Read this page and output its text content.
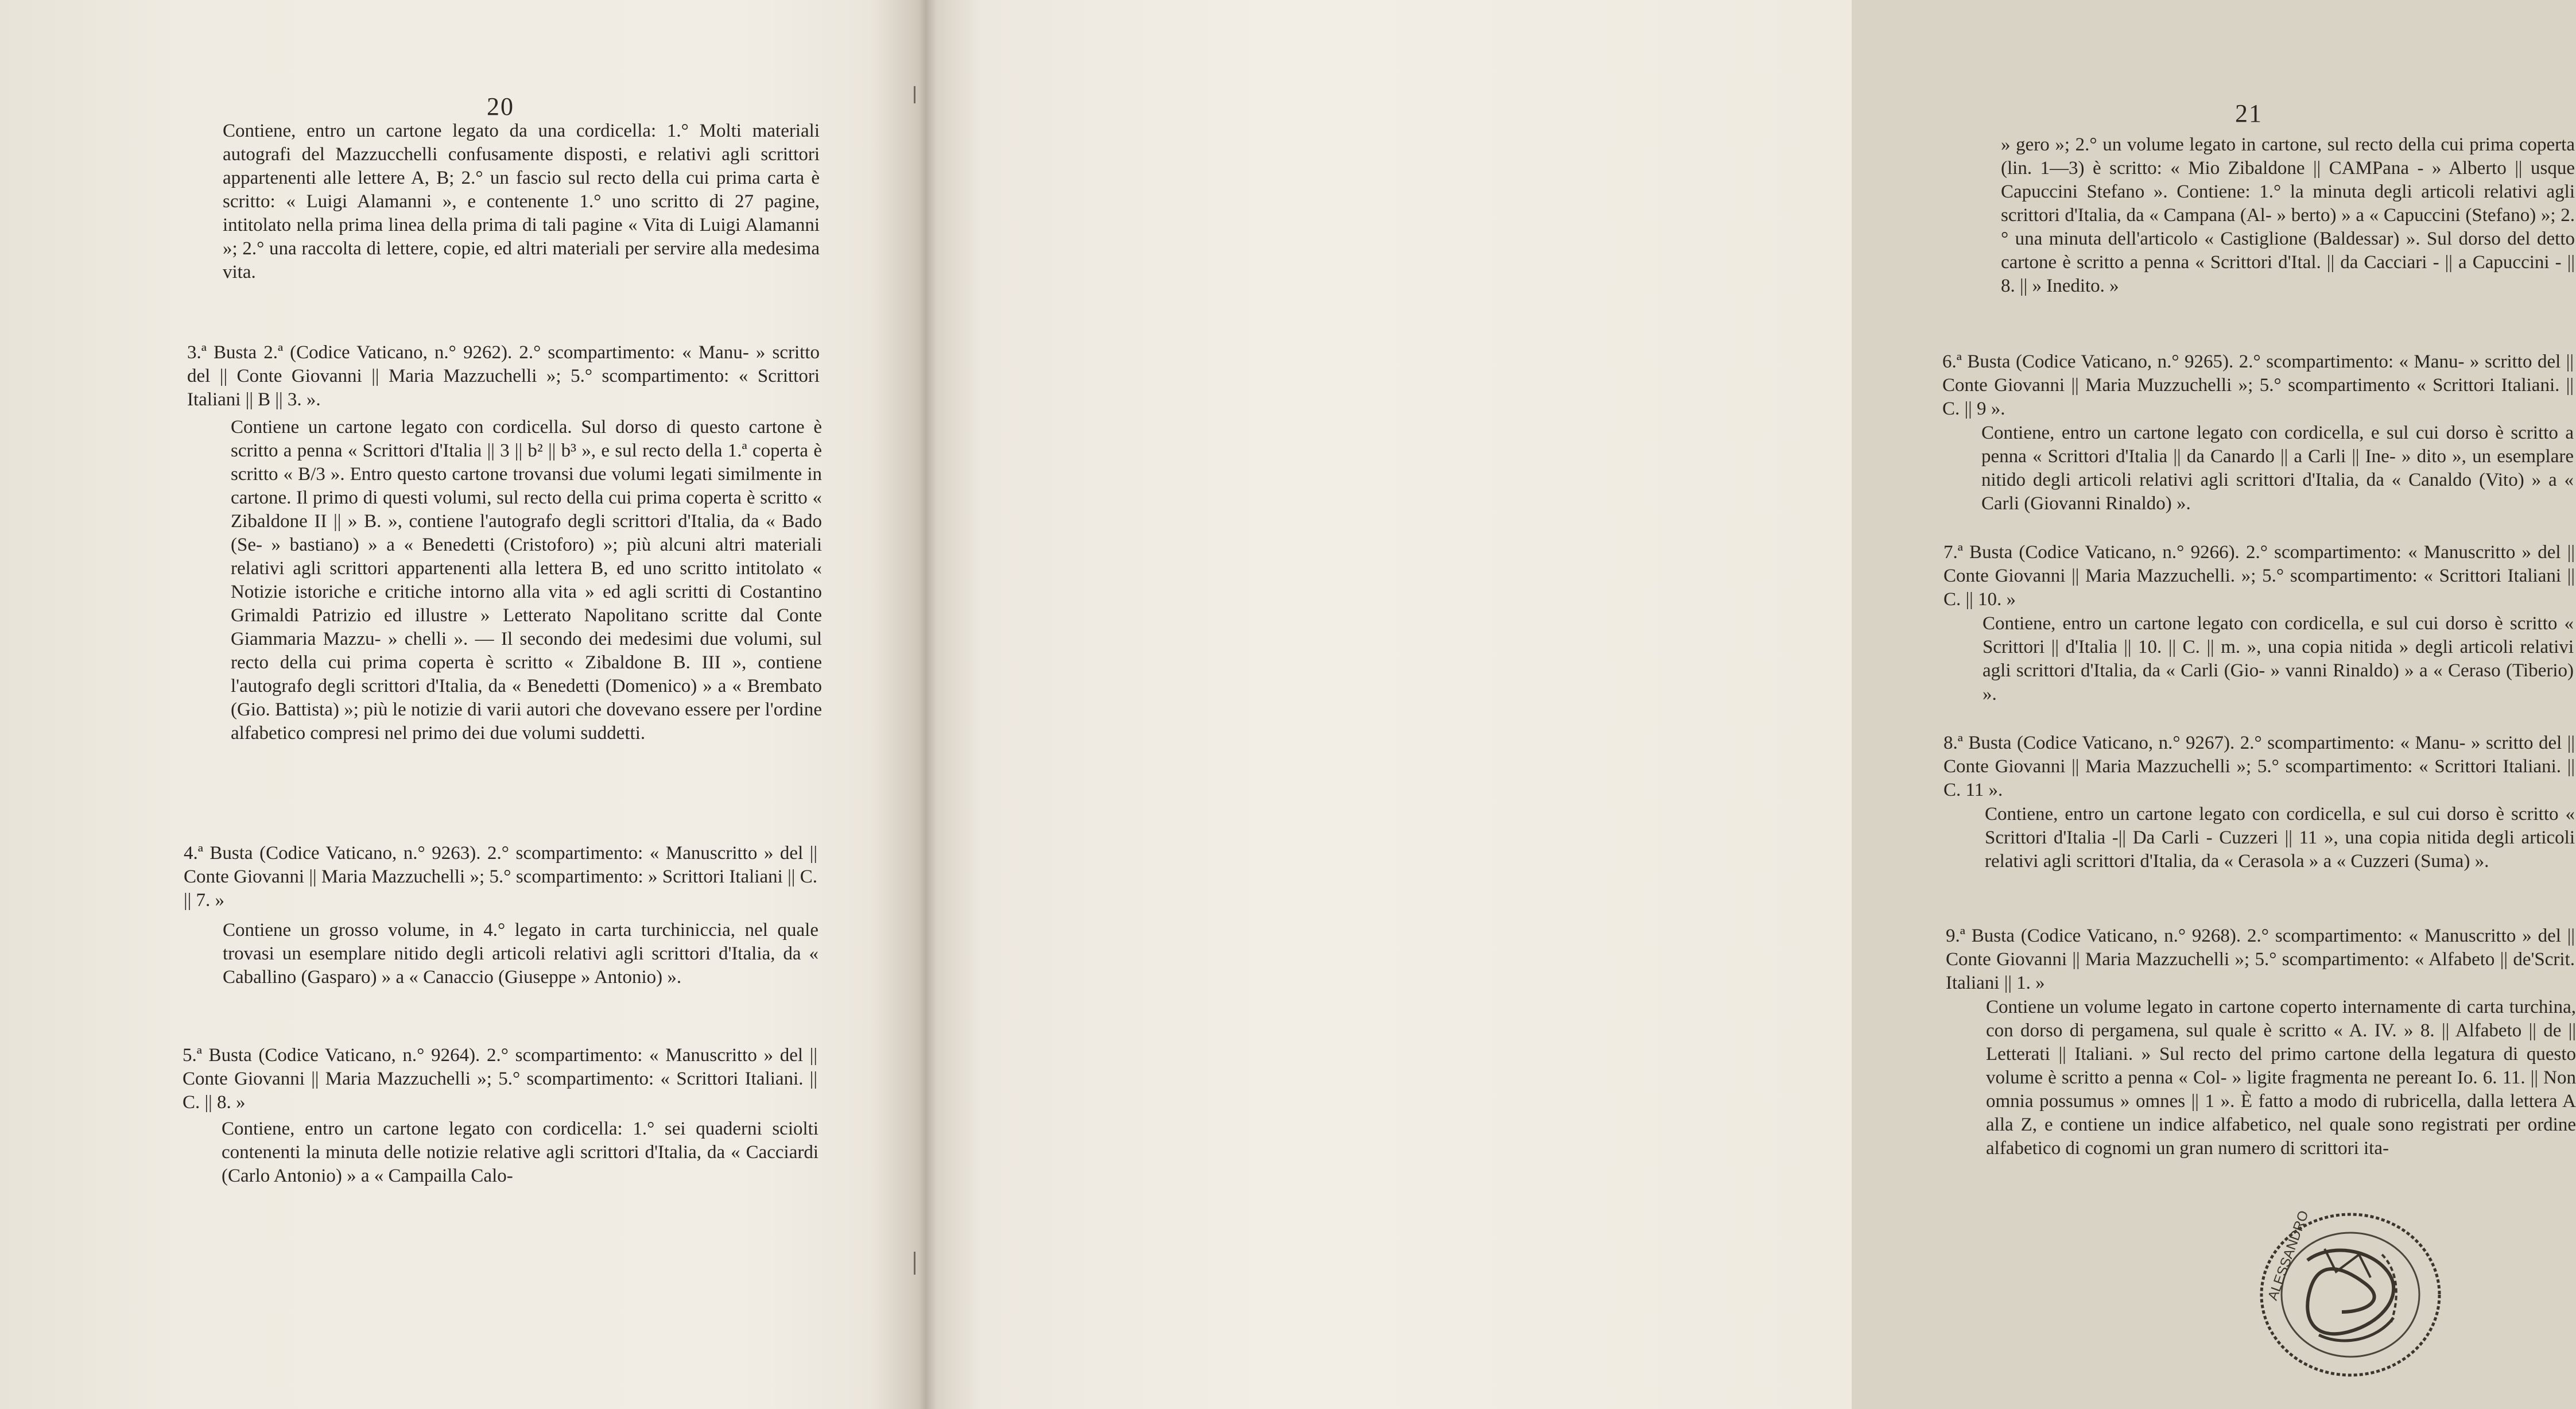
20
Contiene, entro un cartone legato da una cordicella: 1.° Molti materiali autografi del Mazzucchelli confusamente disposti, e relativi agli scrittori appartenenti alle lettere A, B; 2.° un fascio sul recto della cui prima carta è scritto: « Luigi Alamanni », e contenente 1.° uno scritto di 27 pagine, intitolato nella prima linea della prima di tali pagine « Vita di Luigi Alamanni »; 2.° una raccolta di lettere, copie, ed altri materiali per servire alla medesima vita.
3.ª Busta 2.ª (Codice Vaticano, n.° 9262). 2.° scompartimento: « Manu- » scritto del || Conte Giovanni || Maria Mazzuchelli »; 5.° scompartimento: « Scrittori Italiani || B || 3. ».
Contiene un cartone legato con cordicella. Sul dorso di questo cartone è scritto a penna « Scrittori d'Italia || 3 || b² || b³ », e sul recto della 1.ª coperta è scritto « B/3 ». Entro questo cartone trovansi due volumi legati similmente in cartone. Il primo di questi volumi, sul recto della cui prima coperta è scritto « Zibaldone II || » B. », contiene l'autografo degli scrittori d'Italia, da « Bado (Se- » bastiano) » a « Benedetti (Cristoforo) »; più alcuni altri materiali relativi agli scrittori appartenenti alla lettera B, ed uno scritto intitolato « Notizie istoriche e critiche intorno alla vita » ed agli scritti di Costantino Grimaldi Patrizio ed illustre » Letterato Napolitano scritte dal Conte Giammaria Mazzu- » chelli ». — Il secondo dei medesimi due volumi, sul recto della cui prima coperta è scritto « Zibaldone B. III », contiene l'autografo degli scrittori d'Italia, da « Benedetti (Domenico) » a « Brembato (Gio. Battista) »; più le notizie di varii autori che dovevano essere per l'ordine alfabetico compresi nel primo dei due volumi suddetti.
4.ª Busta (Codice Vaticano, n.° 9263). 2.° scompartimento: « Manuscritto » del || Conte Giovanni || Maria Mazzuchelli »; 5.° scompartimento: » Scrittori Italiani || C. || 7. »
Contiene un grosso volume, in 4.° legato in carta turchiniccia, nel quale trovasi un esemplare nitido degli articoli relativi agli scrittori d'Italia, da « Caballino (Gasparo) » a « Canaccio (Giuseppe » Antonio) ».
5.ª Busta (Codice Vaticano, n.° 9264). 2.° scompartimento: « Manuscritto » del || Conte Giovanni || Maria Mazzuchelli »; 5.° scompartimento: « Scrittori Italiani. || C. || 8. »
Contiene, entro un cartone legato con cordicella: 1.° sei quaderni sciolti contenenti la minuta delle notizie relative agli scrittori d'Italia, da « Cacciardi (Carlo Antonio) » a « Campailla Calo-
21
» gero »; 2.° un volume legato in cartone, sul recto della cui prima coperta (lin. 1—3) è scritto: « Mio Zibaldone || CAMPana - » Alberto || usque Capuccini Stefano ». Contiene: 1.° la minuta degli articoli relativi agli scrittori d'Italia, da « Campana (Al- » berto) » a « Capuccini (Stefano) »; 2.° una minuta dell'articolo « Castiglione (Baldessar) ». Sul dorso del detto cartone è scritto a penna « Scrittori d'Ital. || da Cacciari - || a Capuccini - || 8. || » Inedito. »
6.ª Busta (Codice Vaticano, n.° 9265). 2.° scompartimento: « Manu- » scritto del || Conte Giovanni || Maria Muzzuchelli »; 5.° scompartimento « Scrittori Italiani. || C. || 9 ».
Contiene, entro un cartone legato con cordicella, e sul cui dorso è scritto a penna « Scrittori d'Italia || da Canardo || a Carli || Ine- » dito », un esemplare nitido degli articoli relativi agli scrittori d'Italia, da « Canaldo (Vito) » a « Carli (Giovanni Rinaldo) ».
7.ª Busta (Codice Vaticano, n.° 9266). 2.° scompartimento: « Manuscritto » del || Conte Giovanni || Maria Mazzuchelli. »; 5.° scompartimento: « Scrittori Italiani || C. || 10. »
Contiene, entro un cartone legato con cordicella, e sul cui dorso è scritto « Scrittori || d'Italia || 10. || C. || m. », una copia nitida » degli articoli relativi agli scrittori d'Italia, da « Carli (Gio- » vanni Rinaldo) » a « Ceraso (Tiberio) ».
8.ª Busta (Codice Vaticano, n.° 9267). 2.° scompartimento: « Manu- » scritto del || Conte Giovanni || Maria Mazzuchelli »; 5.° scompartimento: « Scrittori Italiani. || C. 11 ».
Contiene, entro un cartone legato con cordicella, e sul cui dorso è scritto « Scrittori d'Italia -|| Da Carli - Cuzzeri || 11 », una copia nitida degli articoli relativi agli scrittori d'Italia, da « Cerasola » a « Cuzzeri (Suma) ».
9.ª Busta (Codice Vaticano, n.° 9268). 2.° scompartimento: « Manuscritto » del || Conte Giovanni || Maria Mazzuchelli »; 5.° scompartimento: « Alfabeto || de'Scrit. Italiani || 1. »
Contiene un volume legato in cartone coperto internamente di carta turchina, con dorso di pergamena, sul quale è scritto « A. IV. » 8. || Alfabeto || de || Letterati || Italiani. » Sul recto del primo cartone della legatura di questo volume è scritto a penna « Col- » ligite fragmenta ne pereant Io. 6. 11. || Non omnia possumus » omnes || 1 ». È fatto a modo di rubricella, dalla lettera A alla Z, e contiene un indice alfabetico, nel quale sono registrati per ordine alfabetico di cognomi un gran numero di scrittori ita-
ALESSANDRO
